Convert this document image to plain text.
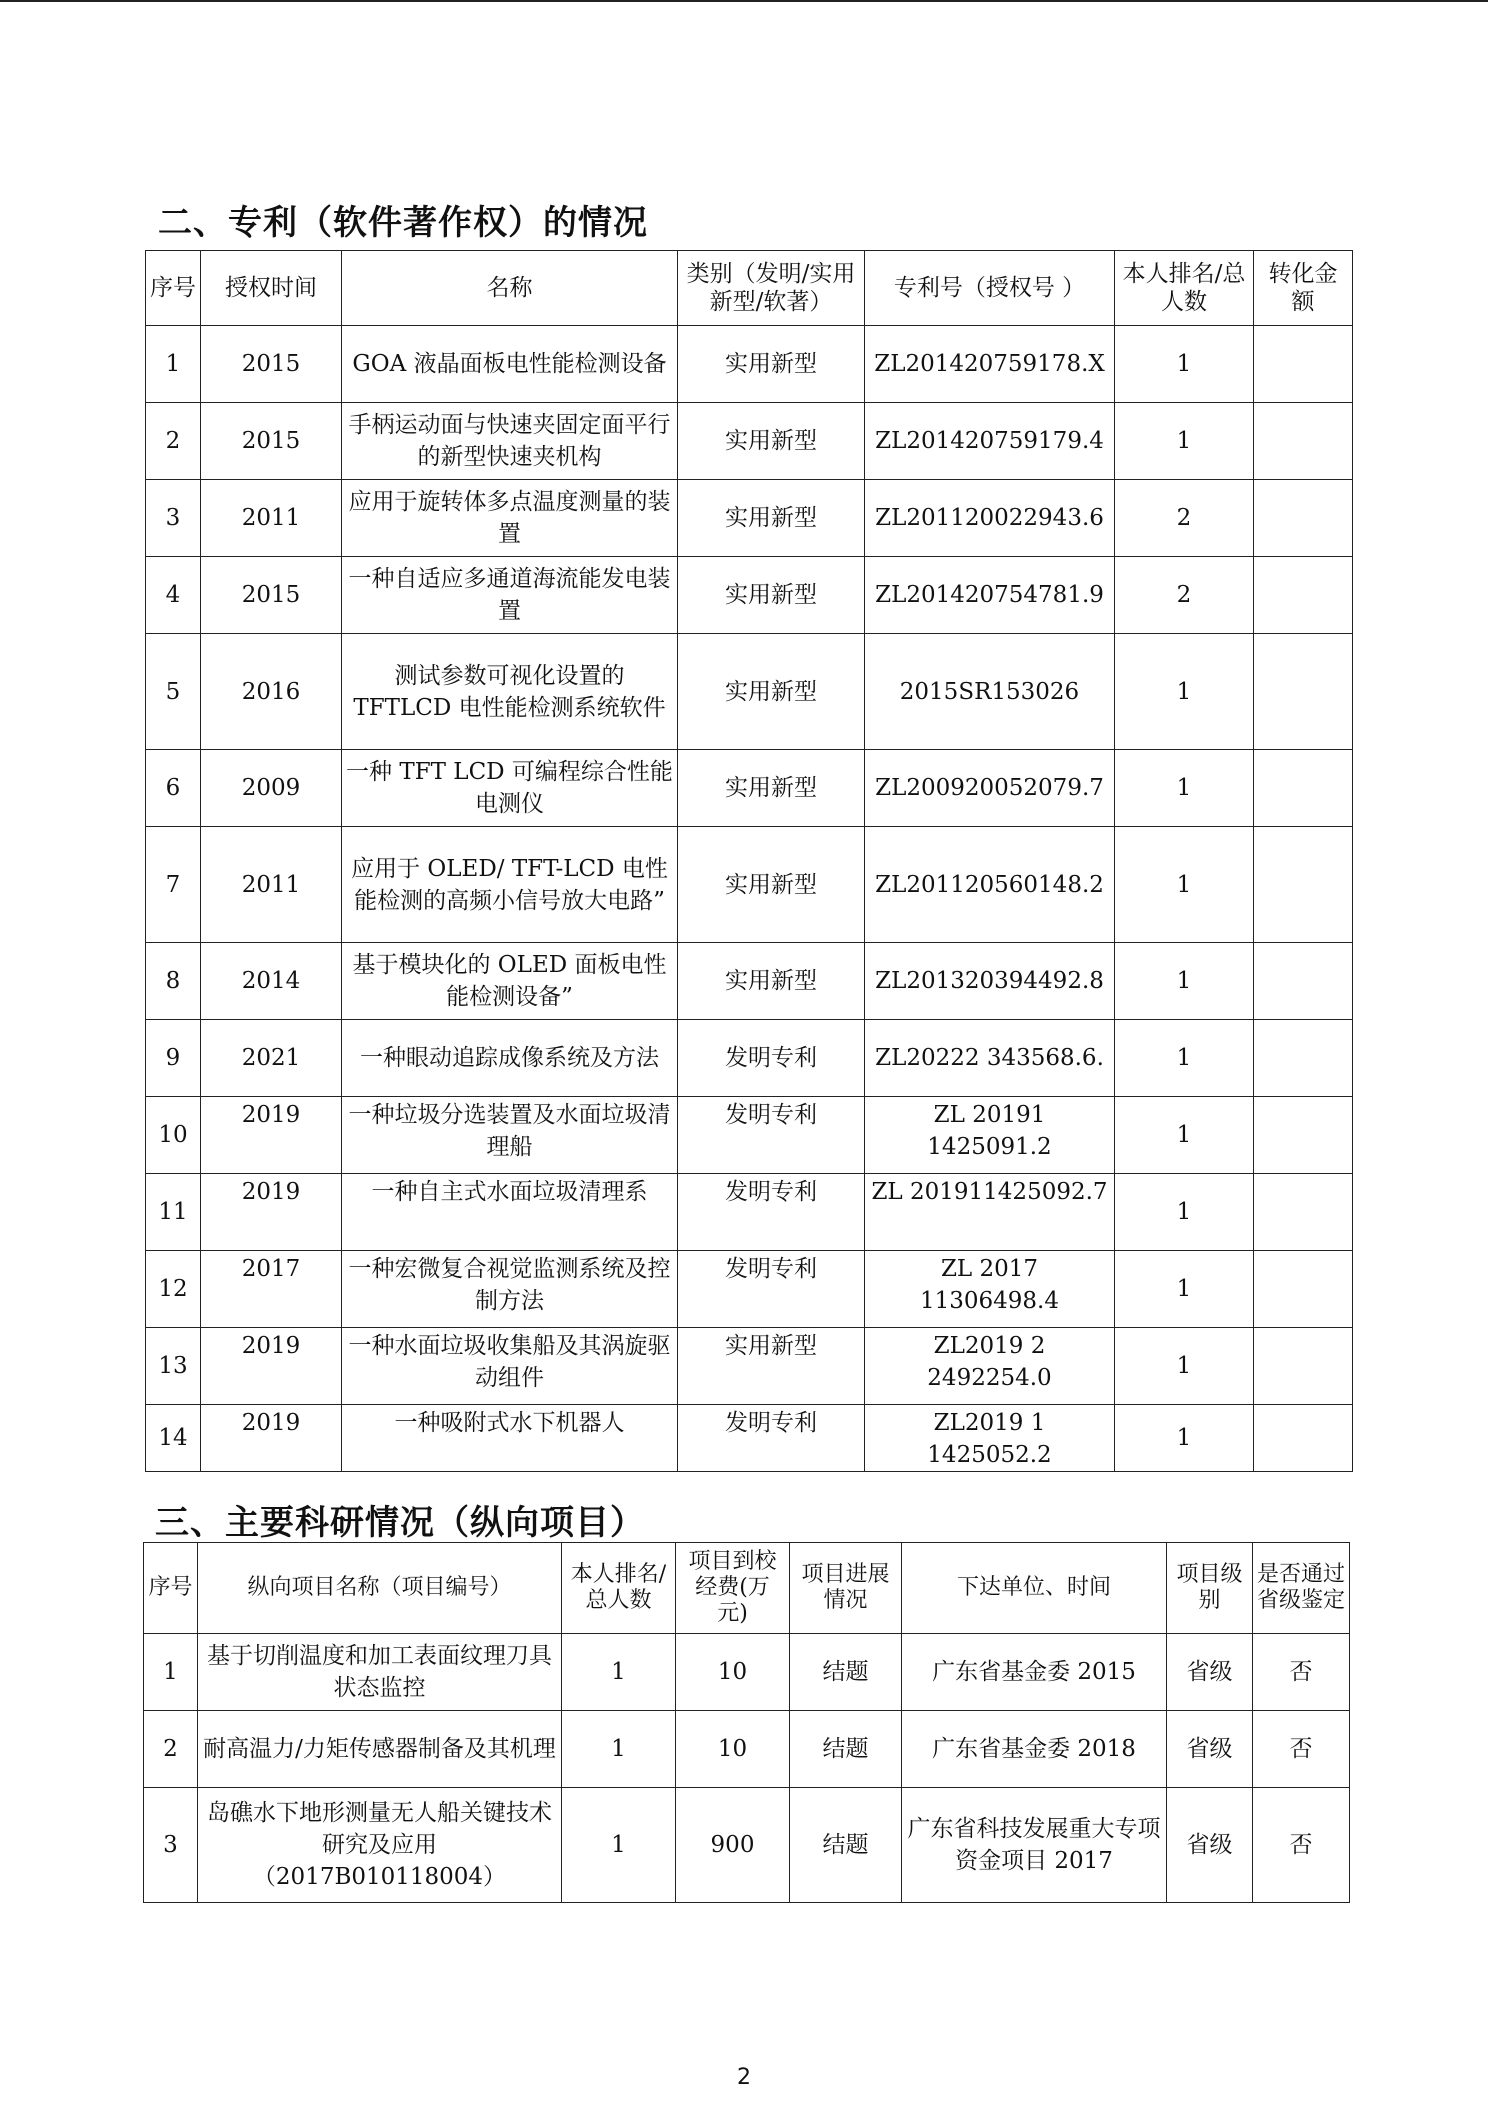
二、专利（软件著作权）的情况
序号	授权时间	名称	类别（发明/实用新型/软著）	专利号（授权号 ）	本人排名/总人数	转化金额
1	2015	GOA 液晶面板电性能检测设备	实用新型	ZL201420759178.X	1	
2	2015	手柄运动面与快速夹固定面平行的新型快速夹机构	实用新型	ZL201420759179.4	1	
3	2011	应用于旋转体多点温度测量的装置	实用新型	ZL201120022943.6	2	
4	2015	一种自适应多通道海流能发电装置	实用新型	ZL201420754781.9	2	
5	2016	测试参数可视化设置的TFTLCD 电性能检测系统软件	实用新型	2015SR153026	1	
6	2009	一种 TFT LCD 可编程综合性能电测仪	实用新型	ZL200920052079.7	1	
7	2011	应用于 OLED/ TFT-LCD 电性能检测的高频小信号放大电路”	实用新型	ZL201120560148.2	1	
8	2014	基于模块化的 OLED 面板电性能检测设备”	实用新型	ZL201320394492.8	1	
9	2021	一种眼动追踪成像系统及方法	发明专利	ZL20222 343568.6.	1	
10	2019	一种垃圾分选装置及水面垃圾清理船	发明专利	ZL 20191 1425091.2	1	
11	2019	一种自主式水面垃圾清理系	发明专利	ZL 201911425092.7	1	
12	2017	一种宏微复合视觉监测系统及控制方法	发明专利	ZL 2017 11306498.4	1	
13	2019	一种水面垃圾收集船及其涡旋驱动组件	实用新型	ZL2019 2 2492254.0	1	
14	2019	一种吸附式水下机器人	发明专利	ZL2019 1 1425052.2	1	
三、主要科研情况（纵向项目）
序号	纵向项目名称（项目编号）	本人排名/总人数	项目到校经费(万元)	项目进展情况	下达单位、时间	项目级别	是否通过省级鉴定
1	基于切削温度和加工表面纹理刀具状态监控	1	10	结题	广东省基金委 2015	省级	否
2	耐高温力/力矩传感器制备及其机理	1	10	结题	广东省基金委 2018	省级	否
3	岛礁水下地形测量无人船关键技术研究及应用（2017B010118004）	1	900	结题	广东省科技发展重大专项资金项目 2017	省级	否
2
